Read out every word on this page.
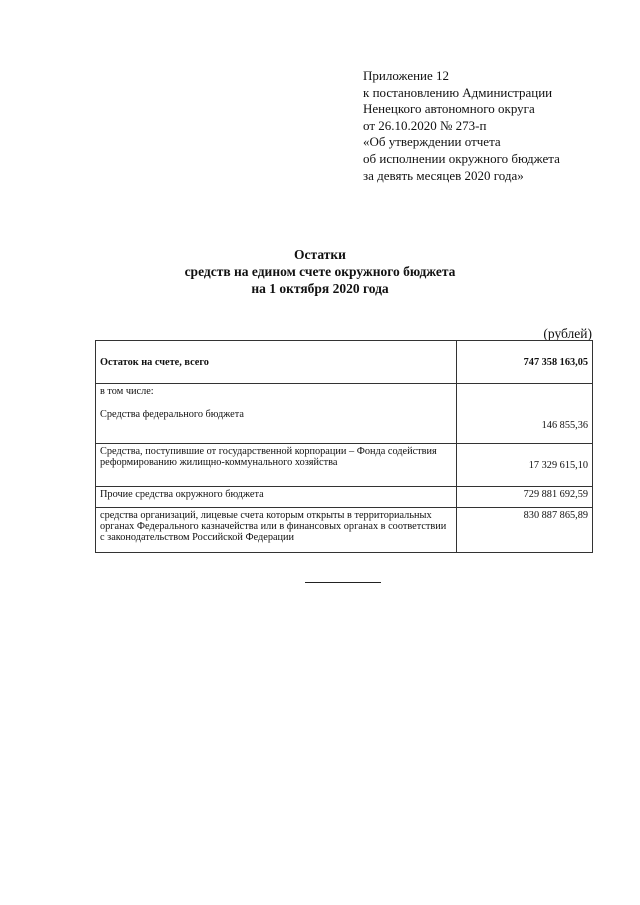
Приложение 12
к постановлению Администрации
Ненецкого автономного округа
от 26.10.2020 № 273-п
«Об утверждении отчета
об исполнении окружного бюджета
за девять месяцев 2020 года»
Остатки
средств на едином счете окружного бюджета
на 1 октября 2020 года
(рублей)
Остаток на счете, всего	747 358 163,05
в том числе:
Средства федерального бюджета	146 855,36
Средства, поступившие от государственной корпорации – Фонда содействия реформированию жилищно-коммунального хозяйства	17 329 615,10
Прочие средства окружного бюджета	729 881 692,59
средства организаций, лицевые счета которым открыты в территориальных органах Федерального казначейства или в финансовых органах в соответствии с законодательством Российской Федерации	830 887 865,89
